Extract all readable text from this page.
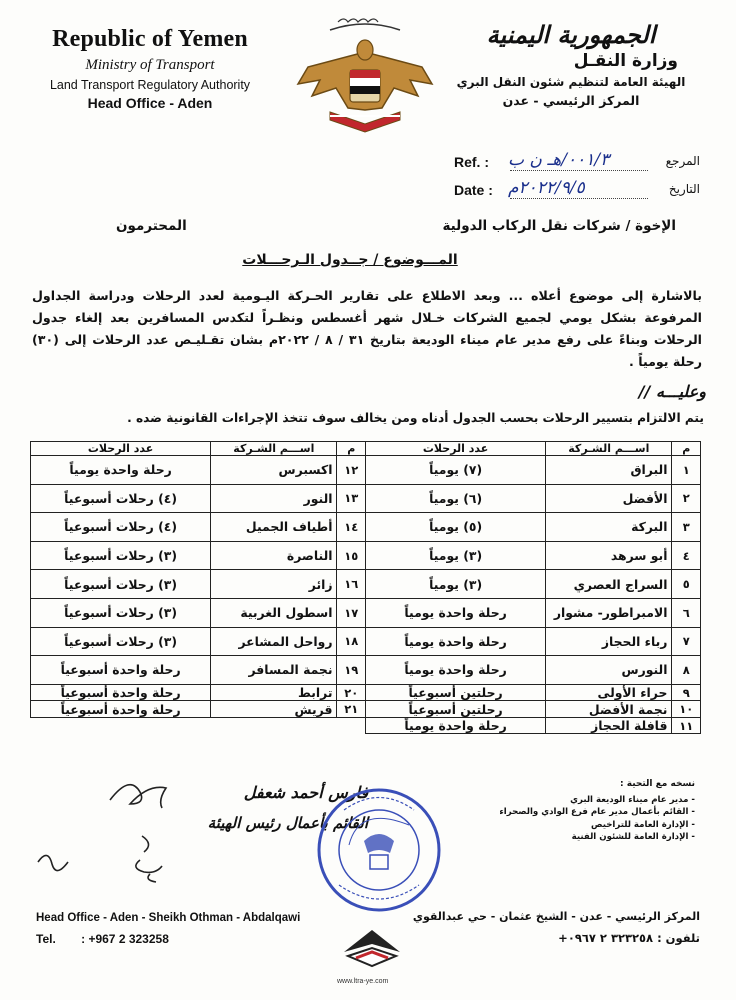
Republic of Yemen
Ministry of Transport
Land Transport Regulatory Authority
Head Office - Aden
الجمهورية اليمنية
وزارة النقـل
الهيئة العامة لتنظيم شئون النقل البري
المركز الرئيسي - عدن
Ref. : ٠٠١/٣/هـ ن ب	المرجع
Date : ٢٠٢٢/٩/٥م	التاريخ
الإخوة / شركات نقل الركاب الدولية
المحترمون
المـــوضوع / جــدول الـرحـــلات
بالاشارة إلى موضوع أعلاه ... وبعد الاطلاع على تقارير الحـركة اليـومية لعدد الرحلات ودراسة الجداول المرفوعة بشكل يومي لجميع الشركات خـلال شهر أغسطس ونظـراً لتكدس المسافرين بعد إلغاء جدول الرحلات وبناءً على رفع مدير عام ميناء الوديعة بتاريخ ٣١ / ٨ / ٢٠٢٢م بشان تقـليـص عدد الرحلات إلى (٣٠) رحلة يومياً .
وعليـــه //
يتم الالتزام بتسيير الرحلات بحسب الجدول أدناه ومن يخالف سوف تتخذ الإجراءات القانونية ضده .
م	اســـم الشـركة	عدد الرحلات	م	اســـم الشـركة	عدد الرحلات
١	البراق	(٧) يومياً	١٢	اكسبرس	رحلة واحدة يومياً
٢	الأفضل	(٦) يومياً	١٣	النور	(٤) رحلات أسبوعياً
٣	البركة	(٥) يومياً	١٤	أطياف الجميل	(٤) رحلات أسبوعياً
٤	أبو سرهد	(٣) يومياً	١٥	الناصرة	(٣) رحلات أسبوعياً
٥	السراج العصري	(٣) يومياً	١٦	زائر	(٣) رحلات أسبوعياً
٦	الامبراطور- مشوار	رحلة واحدة يومياً	١٧	اسطول الغربية	(٣) رحلات أسبوعياً
٧	رباء الحجاز	رحلة واحدة يومياً	١٨	رواحل المشاعر	(٣) رحلات أسبوعياً
٨	النورس	رحلة واحدة يومياً	١٩	نجمة المسافر	رحلة واحدة أسبوعياً
٩	حراء الأولى	رحلتين أسبوعياً	٢٠	ترابط	رحلة واحدة أسبوعياً
١٠	نجمة الأفضل	رحلتين أسبوعياً	٢١	قريش	رحلة واحدة أسبوعياً
١١	قافلة الحجاز	رحلة واحدة يومياً			
فارس أحمد شعفل
القائم بأعمال رئيس الهيئة
نسخه مع التحية :
- مدير عام ميناء الوديعة البري
- القائم بأعمال مدير عام فرع الوادي والصحراء
- الإدارة العامة للتراخيص
- الإدارة العامة للشئون الفنية
Head Office - Aden - Sheikh Othman - Abdalqawi
Tel. : +967 2 323258
المركز الرئيسي - عدن - الشيخ عثمان - حي عبدالقوي
تلفون : ٣٢٣٢٥٨ ٢ ٠٩٦٧+
www.ltra-ye.com
